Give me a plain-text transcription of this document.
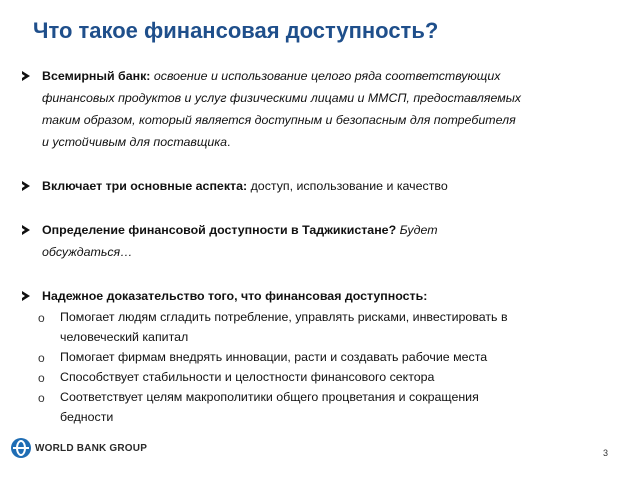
Что такое финансовая доступность?
Всемирный банк: освоение и использование целого ряда соответствующих
финансовых продуктов и услуг физическими лицами и ММСП, предоставляемых
таким образом, который является доступным и безопасным для потребителя
и устойчивым для поставщика.
Включает три основные аспекта: доступ, использование и качество
Определение финансовой доступности в Таджикистане? Будет
обсуждаться…
Надежное доказательство того, что финансовая доступность:
o Помогает людям сгладить потребление, управлять рисками, инвестировать в
человеческий капитал
o Помогает фирмам внедрять инновации, расти и создавать рабочие места
o Способствует стабильности и целостности финансового сектора
o Соответствует целям макрополитики общего процветания и сокращения
бедности
WORLD BANK GROUP	3
